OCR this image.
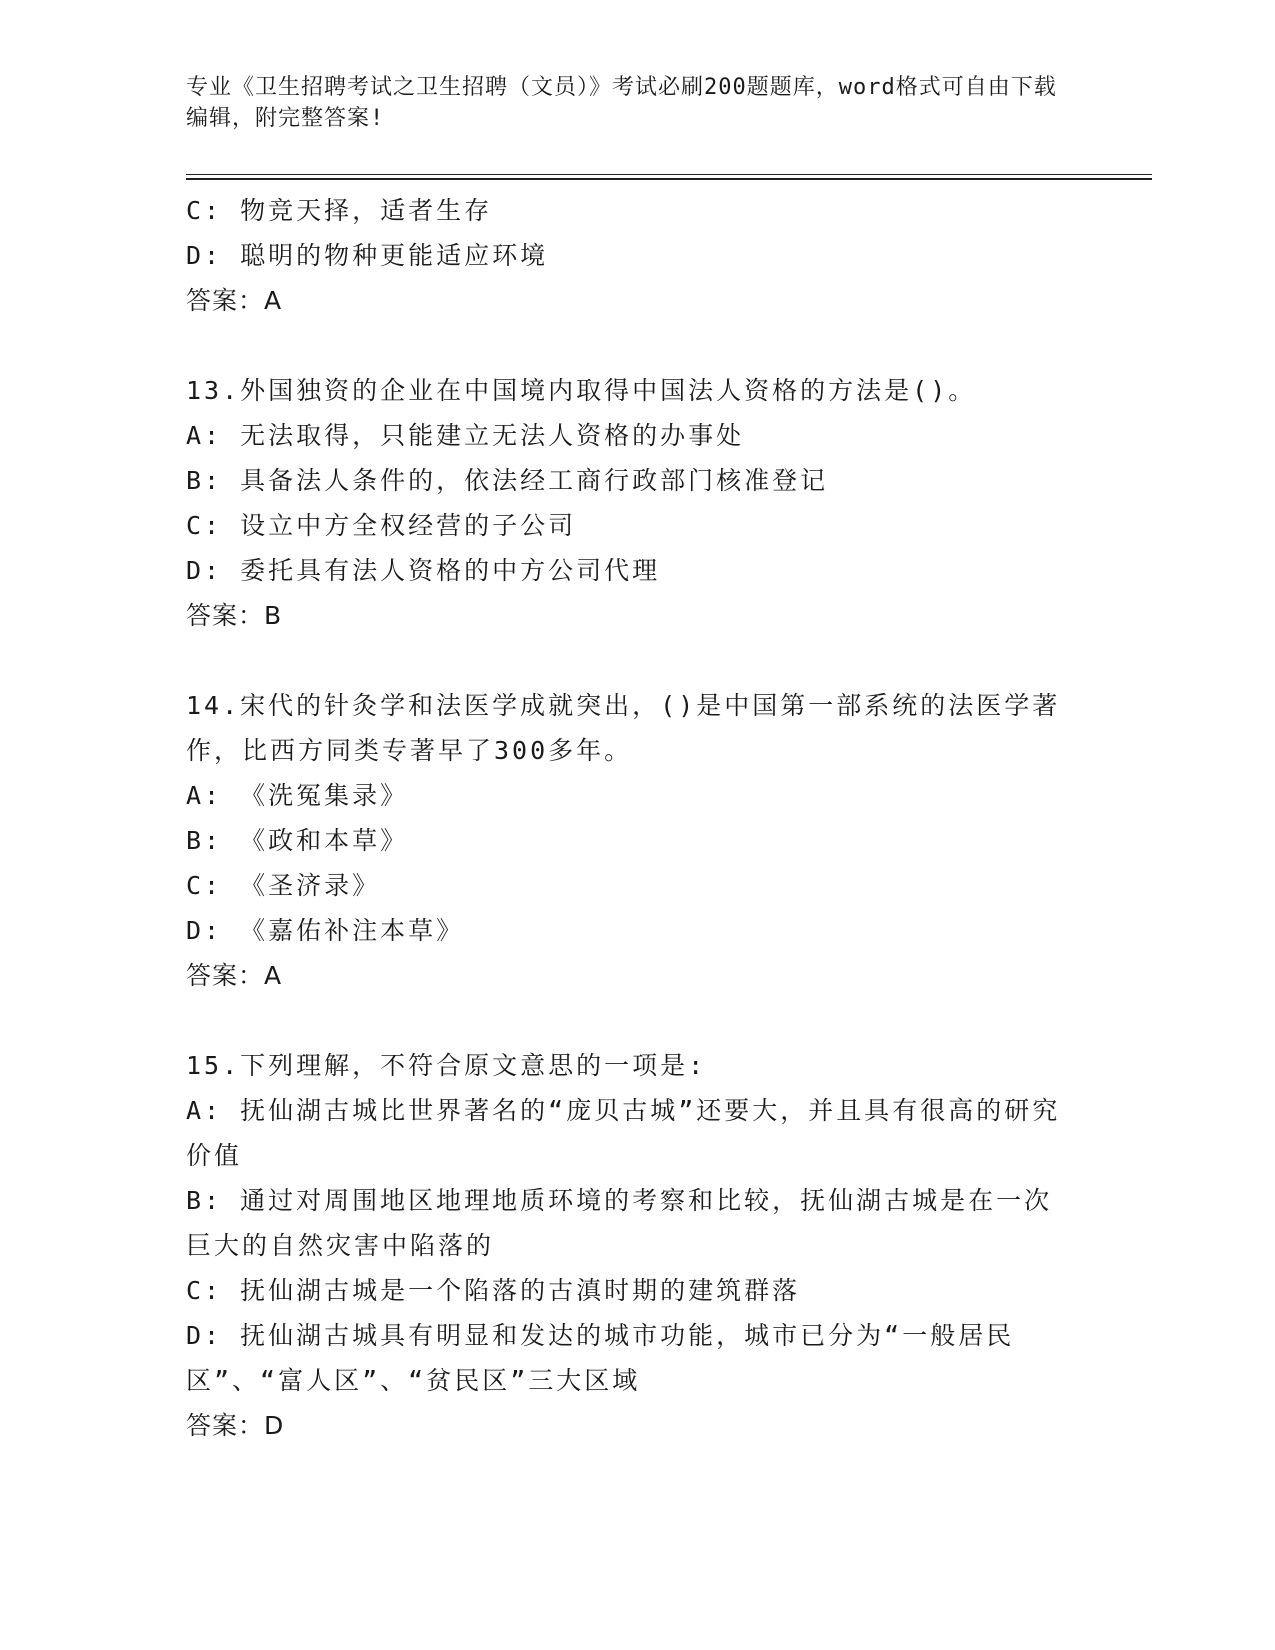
专业《卫生招聘考试之卫生招聘（文员）》考试必刷200题题库，word格式可自由下载编辑，附完整答案!
C: 物竞天择，适者生存
D: 聪明的物种更能适应环境
答案：A
13.外国独资的企业在中国境内取得中国法人资格的方法是()。
A: 无法取得，只能建立无法人资格的办事处
B: 具备法人条件的，依法经工商行政部门核准登记
C: 设立中方全权经营的子公司
D: 委托具有法人资格的中方公司代理
答案：B
14.宋代的针灸学和法医学成就突出，()是中国第一部系统的法医学著作，比西方同类专著早了300多年。
A: 《洗冤集录》
B: 《政和本草》
C: 《圣济录》
D: 《嘉佑补注本草》
答案：A
15.下列理解，不符合原文意思的一项是:
A: 抚仙湖古城比世界著名的“庞贝古城”还要大，并且具有很高的研究价值
B: 通过对周围地区地理地质环境的考察和比较，抚仙湖古城是在一次巨大的自然灾害中陷落的
C: 抚仙湖古城是一个陷落的古滇时期的建筑群落
D: 抚仙湖古城具有明显和发达的城市功能，城市已分为“一般居民区”、“富人区”、“贫民区”三大区域
答案：D
